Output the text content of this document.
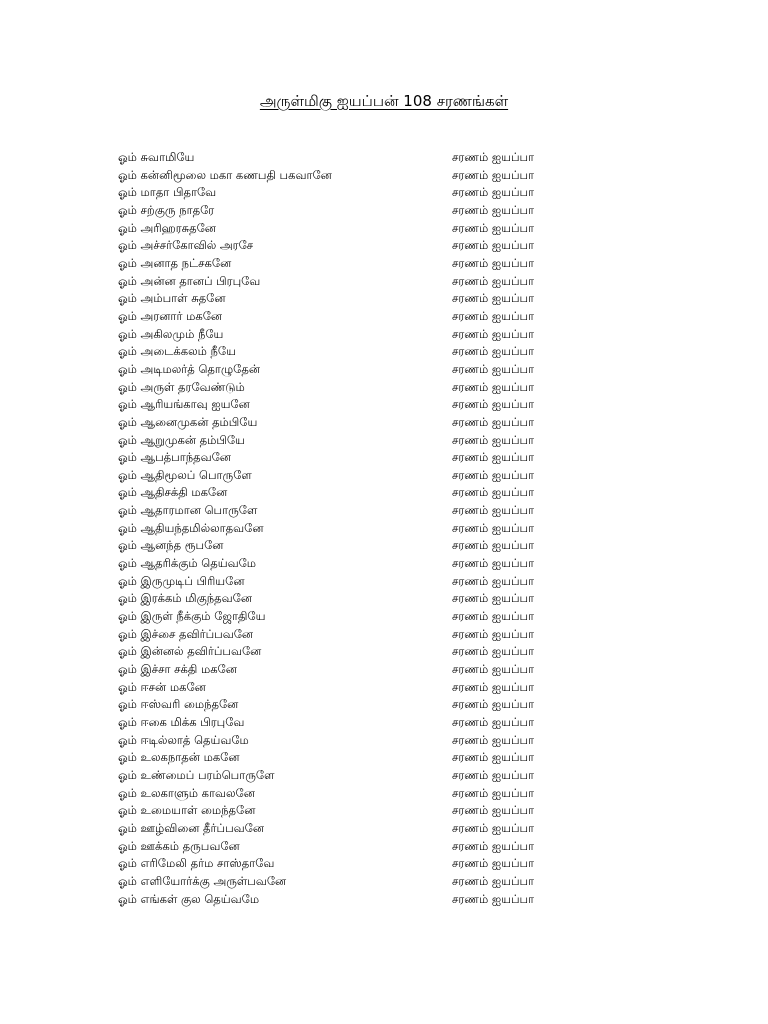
அருள்மிகு ஐயப்பன் 108 சரணங்கள்
ஓம் சுவாமியே	சரணம் ஐயப்பா
ஓம் கன்னிமூலை மகா கணபதி பகவானே	சரணம் ஐயப்பா
ஓம் மாதா பிதாவே	சரணம் ஐயப்பா
ஓம் சற்குரு நாதரே	சரணம் ஐயப்பா
ஓம் அரிஹரசுதனே	சரணம் ஐயப்பா
ஓம் அச்சர்கோவில் அரசே	சரணம் ஐயப்பா
ஓம் அனாத நட்சகனே	சரணம் ஐயப்பா
ஓம் அன்ன தானப் பிரபுவே	சரணம் ஐயப்பா
ஓம் அம்பாள் சுதனே	சரணம் ஐயப்பா
ஓம் அரனார் மகனே	சரணம் ஐயப்பா
ஓம் அகிலமும் நீயே	சரணம் ஐயப்பா
ஓம் அடைக்கலம் நீயே	சரணம் ஐயப்பா
ஓம் அடிமலர்த் தொழுதேன்	சரணம் ஐயப்பா
ஓம் அருள் தரவேண்டும்	சரணம் ஐயப்பா
ஓம் ஆரியங்காவு ஐயனே	சரணம் ஐயப்பா
ஓம் ஆனைமுகன் தம்பியே	சரணம் ஐயப்பா
ஓம் ஆறுமுகன் தம்பியே	சரணம் ஐயப்பா
ஓம் ஆபத்பாந்தவனே	சரணம் ஐயப்பா
ஓம் ஆதிமூலப் பொருளே	சரணம் ஐயப்பா
ஓம் ஆதிசக்தி மகனே	சரணம் ஐயப்பா
ஓம் ஆதாரமான பொருளே	சரணம் ஐயப்பா
ஓம் ஆதியந்தமில்லாதவனே	சரணம் ஐயப்பா
ஓம் ஆனந்த ரூபனே	சரணம் ஐயப்பா
ஓம் ஆதரிக்கும் தெய்வமே	சரணம் ஐயப்பா
ஓம் இருமுடிப் பிரியனே	சரணம் ஐயப்பா
ஓம் இரக்கம் மிகுந்தவனே	சரணம் ஐயப்பா
ஓம் இருள் நீக்கும் ஜோதியே	சரணம் ஐயப்பா
ஓம் இச்சை தவிர்ப்பவனே	சரணம் ஐயப்பா
ஓம் இன்னல் தவிர்ப்பவனே	சரணம் ஐயப்பா
ஓம் இச்சா சக்தி மகனே	சரணம் ஐயப்பா
ஓம் ஈசன் மகனே	சரணம் ஐயப்பா
ஓம் ஈஸ்வரி மைந்தனே	சரணம் ஐயப்பா
ஓம் ஈகை மிக்க பிரபுவே	சரணம் ஐயப்பா
ஓம் ஈடில்லாத் தெய்வமே	சரணம் ஐயப்பா
ஓம் உலகநாதன் மகனே	சரணம் ஐயப்பா
ஓம் உண்மைப் பரம்பொருளே	சரணம் ஐயப்பா
ஓம் உலகாளும் காவலனே	சரணம் ஐயப்பா
ஓம் உமையாள் மைந்தனே	சரணம் ஐயப்பா
ஓம் ஊழ்வினை தீர்ப்பவனே	சரணம் ஐயப்பா
ஓம் ஊக்கம் தருபவனே	சரணம் ஐயப்பா
ஓம் எரிமேலி தர்ம சாஸ்தாவே	சரணம் ஐயப்பா
ஓம் எளியோர்க்கு அருள்பவனே	சரணம் ஐயப்பா
ஓம் எங்கள் குல தெய்வமே	சரணம் ஐயப்பா
